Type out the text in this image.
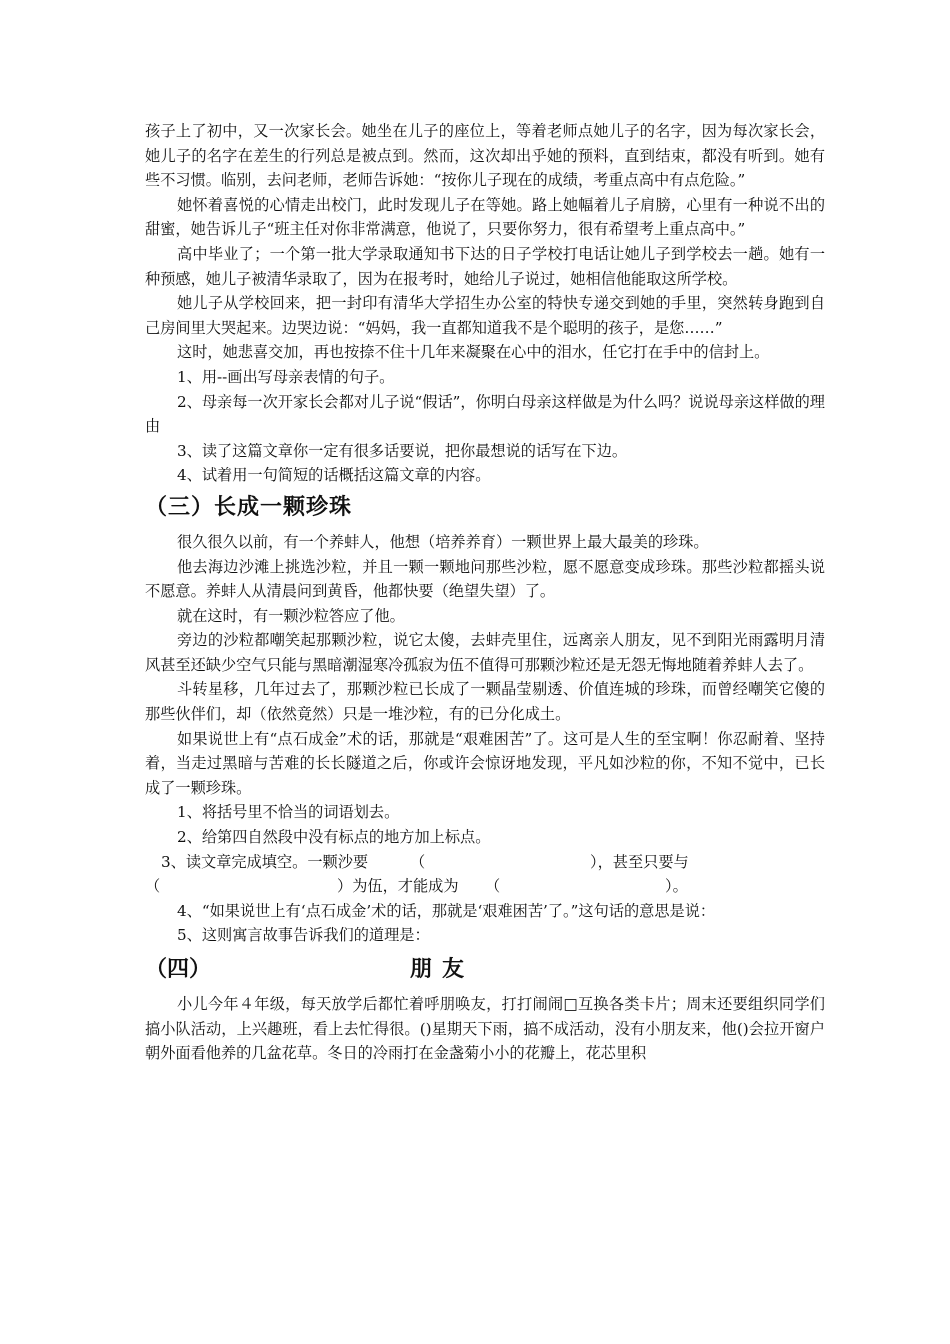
孩子上了初中，又一次家长会。她坐在儿子的座位上，等着老师点她儿子的名字，因为每次家长会，她儿子的名字在差生的行列总是被点到。然而，这次却出乎她的预料，直到结束，都没有听到。她有些不习惯。临别，去问老师，老师告诉她：“按你儿子现在的成绩，考重点高中有点危险。”

她怀着喜悦的心情走出校门，此时发现儿子在等她。路上她幅着儿子肩膀，心里有一种说不出的甜蜜，她告诉儿子“班主任对你非常满意，他说了，只要你努力，很有希望考上重点高中。”

高中毕业了；一个第一批大学录取通知书下达的日子学校打电话让她儿子到学校去一趟。她有一种预感，她儿子被清华录取了，因为在报考时，她给儿子说过，她相信他能取这所学校。

她儿子从学校回来，把一封印有清华大学招生办公室的特快专递交到她的手里，突然转身跑到自己房间里大哭起来。边哭边说：“妈妈，我一直都知道我不是个聪明的孩子，是您……”

这时，她悲喜交加，再也按捺不住十几年来凝聚在心中的泪水，任它打在手中的信封上。

1、用--画出写母亲表情的句子。

2、母亲每一次开家长会都对儿子说“假话”，你明白母亲这样做是为什么吗？说说母亲这样做的理由

3、读了这篇文章你一定有很多话要说，把你最想说的话写在下边。

4、试着用一句简短的话概括这篇文章的内容。

（三）长成一颗珍珠

很久很久以前，有一个养蚌人，他想（培养养育）一颗世界上最大最美的珍珠。

他去海边沙滩上挑选沙粒，并且一颗一颗地问那些沙粒，愿不愿意变成珍珠。那些沙粒都摇头说不愿意。养蚌人从清晨问到黄昏，他都快要（绝望失望）了。

就在这时，有一颗沙粒答应了他。

旁边的沙粒都嘲笑起那颗沙粒，说它太傻，去蚌壳里住，远离亲人朋友，见不到阳光雨露明月清风甚至还缺少空气只能与黑暗潮湿寒冷孤寂为伍不值得可那颗沙粒还是无怨无悔地随着养蚌人去了。

斗转星移，几年过去了，那颗沙粒已长成了一颗晶莹剔透、价值连城的珍珠，而曾经嘲笑它傻的那些伙伴们，却（依然竟然）只是一堆沙粒，有的已分化成土。

如果说世上有“点石成金”术的话，那就是“艰难困苦”了。这可是人生的至宝啊！你忍耐着、坚持着，当走过黑暗与苦难的长长隧道之后，你或许会惊讶地发现，平凡如沙粒的你，不知不觉中，已长成了一颗珍珠。

1、将括号里不恰当的词语划去。

2、给第四自然段中没有标点的地方加上标点。

3、读文章完成填空。一颗沙要	（	），甚至只要与
（	）为伍，才能成为 （	）。

4、“如果说世上有‘点石成金’术的话，那就是‘艰难困苦’了。”这句话的意思是说：

5、这则寓言故事告诉我们的道理是：

（四）	朋友

小儿今年４年级，每天放学后都忙着呼朋唤友，打打闹闹□互换各类卡片；周末还要组织同学们搞小队活动，上兴趣班，看上去忙得很。()星期天下雨，搞不成活动，没有小朋友来，他()会拉开窗户朝外面看他养的几盆花草。冬日的冷雨打在金盏菊小小的花瓣上，花芯里积
